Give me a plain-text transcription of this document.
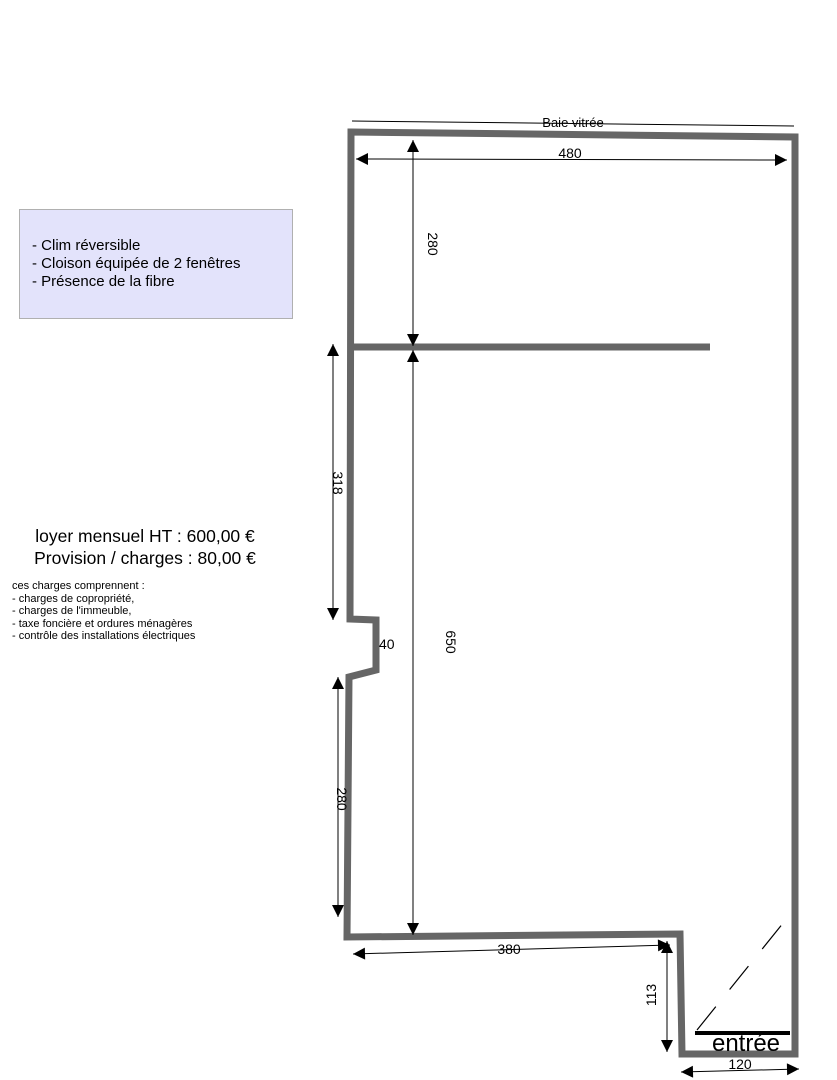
- Clim réversible
- Cloison équipée de 2 fenêtres
- Présence de la fibre
loyer mensuel HT : 600,00 €
Provision / charges : 80,00 €
ces charges comprennent :
- charges de copropriété,
- charges de l'immeuble,
- taxe foncière et ordures ménagères
- contrôle des installations électriques
Baie vitrée
480
280
318
40	650
280
380
113
120
entrée
